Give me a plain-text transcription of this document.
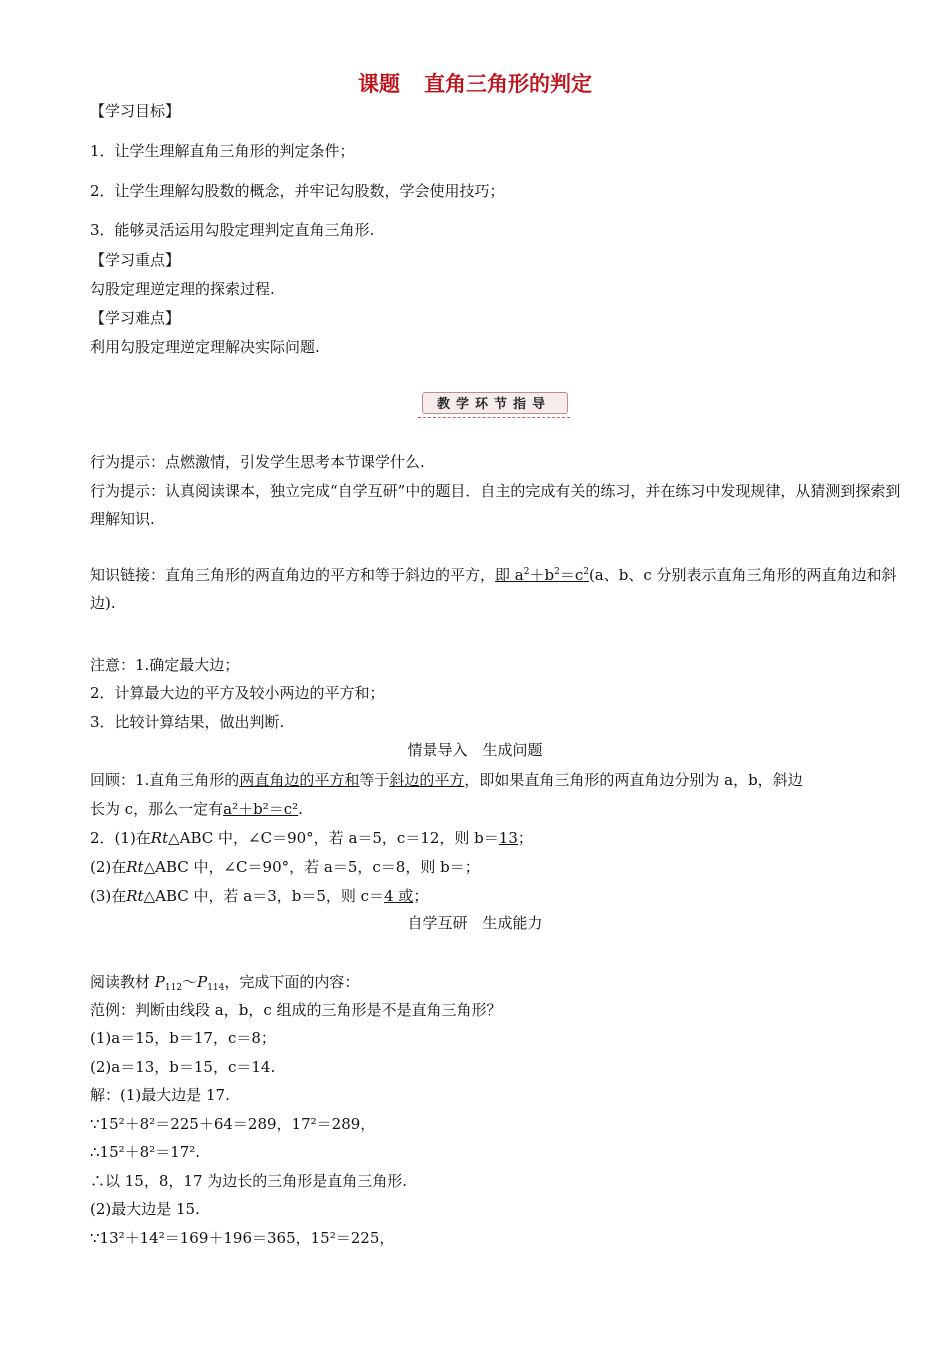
课题 直角三角形的判定
【学习目标】
1．让学生理解直角三角形的判定条件；
2．让学生理解勾股数的概念，并牢记勾股数，学会使用技巧；
3．能够灵活运用勾股定理判定直角三角形.
【学习重点】
勾股定理逆定理的探索过程.
【学习难点】
利用勾股定理逆定理解决实际问题.
教学环节指导
行为提示：点燃激情，引发学生思考本节课学什么.
行为提示：认真阅读课本，独立完成“自学互研”中的题目．自主的完成有关的练习，并在练习中发现规律，从猜测到探索到理解知识.
知识链接：直角三角形的两直角边的平方和等于斜边的平方，即 $a^2+b^2=c^2(a$、b、c 分别表示直角三角形的两直角边和斜边).
注意：1.确定最大边；
2．计算最大边的平方及较小两边的平方和；
3．比较计算结果，做出判断.
情景导入　生成问题
回顾：1.直角三角形的两直角边的平方和等于斜边的平方，即如果直角三角形的两直角边分别为 a，b，斜边
长为 c，那么一定有a²＋b²＝c².
2．(1)在Rt△ABC 中，∠C＝90°，若 a＝5，c＝12，则 b＝13；
(2)在Rt△ABC 中，∠C＝90°，若 a＝5，c＝8，则 b＝；
(3)在Rt△ABC 中，若 a＝3，b＝5，则 c＝4 或；
自学互研　生成能力
阅读教材 $P_{112}\sim P_{114}$，完成下面的内容：
范例：判断由线段 a，b，c 组成的三角形是不是直角三角形？
(1)a＝15，b＝17，c＝8；
(2)a＝13，b＝15，c＝14.
解：(1)最大边是 17.
∵15²＋8²＝225＋64＝289，17²＝289，
∴15²＋8²＝17².
∴以 15，8，17 为边长的三角形是直角三角形.
(2)最大边是 15.
∵13²＋14²＝169＋196＝365，15²＝225，
